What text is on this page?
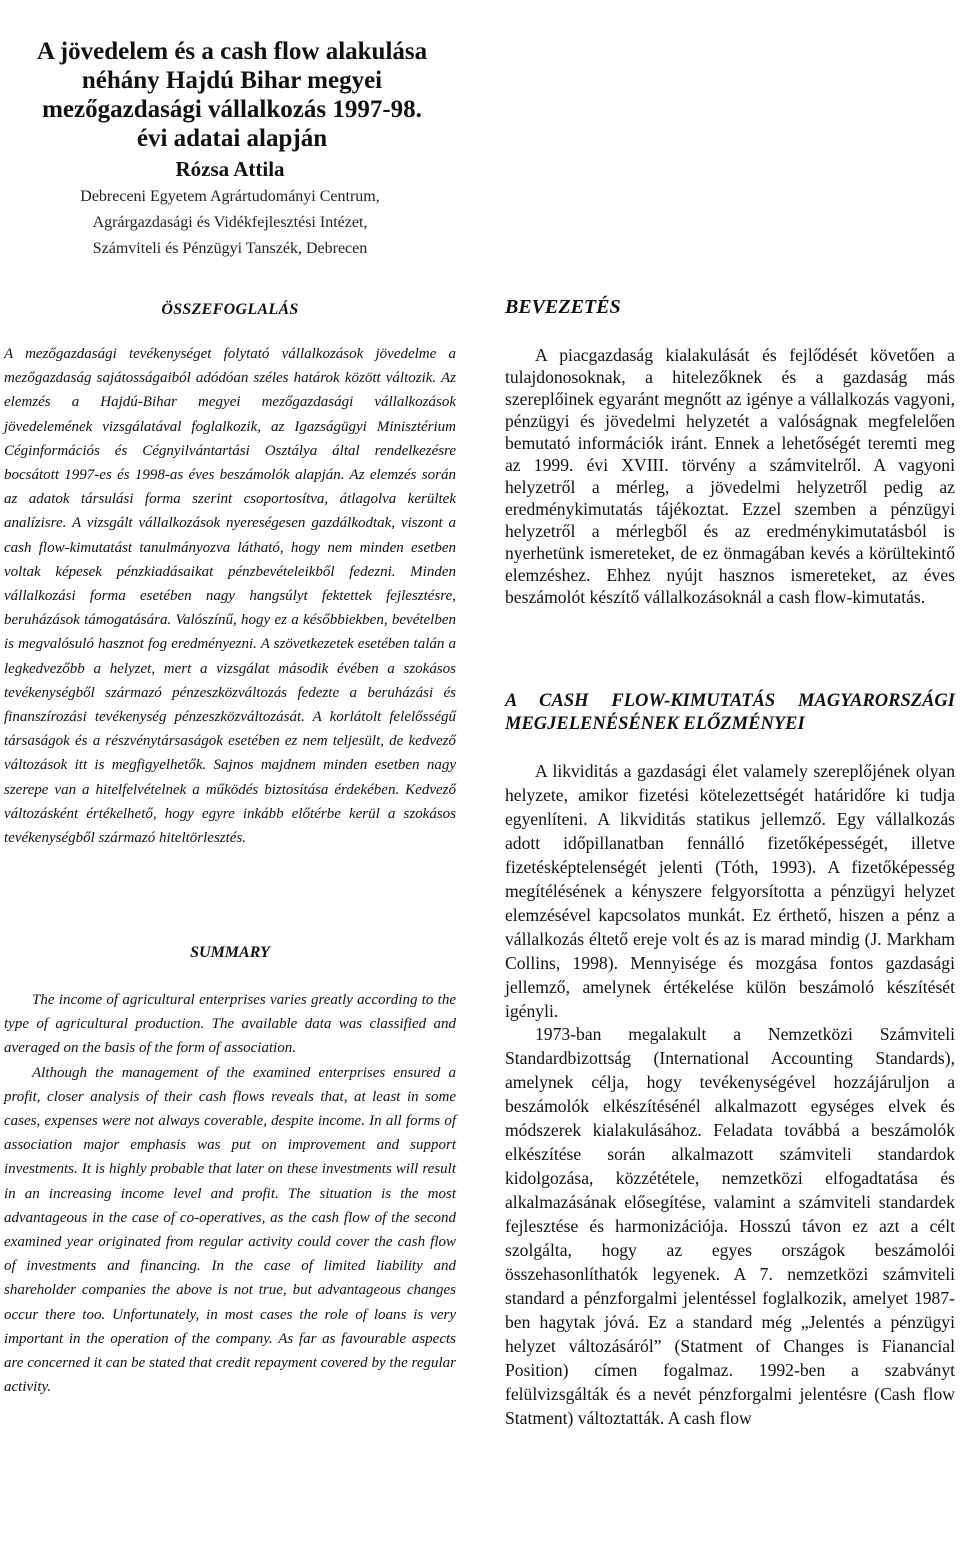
A jövedelem és a cash flow alakulása néhány Hajdú Bihar megyei mezőgazdasági vállalkozás 1997-98. évi adatai alapján
Rózsa Attila
Debreceni Egyetem Agrártudományi Centrum,
Agrárgazdasági és Vidékfejlesztési Intézet,
Számviteli és Pénzügyi Tanszék, Debrecen
ÖSSZEFOGLALÁS

A mezőgazdasági tevékenységet folytató vállalkozások jövedelme a mezőgazdaság sajátosságaiból adódóan széles határok között változik. Az elemzés a Hajdú-Bihar megyei mezőgazdasági vállalkozások jövedelemének vizsgálatával foglalkozik, az Igazságügyi Minisztérium Céginformációs és Cégnyilvántartási Osztálya által rendelkezésre bocsátott 1997-es és 1998-as éves beszámolók alapján. Az elemzés során az adatok társulási forma szerint csoportosítva, átlagolva kerültek analízisre. A vizsgált vállalkozások nyereségesen gazdálkodtak, viszont a cash flow-kimutatást tanulmányozva látható, hogy nem minden esetben voltak képesek pénzkiadásaikat pénzbevételeikből fedezni. Minden vállalkozási forma esetében nagy hangsúlyt fektettek fejlesztésre, beruházások támogatására. Valószínű, hogy ez a későbbiekben, bevételben is megvalósuló hasznot fog eredményezni. A szövetkezetek esetében talán a legkedvezőbb a helyzet, mert a vizsgálat második évében a szokásos tevékenységből származó pénzeszközváltozás fedezte a beruházási és finanszírozási tevékenység pénzeszközváltozását. A korlátolt felelősségű társaságok és a részvénytársaságok esetében ez nem teljesült, de kedvező változások itt is megfigyelhetők. Sajnos majdnem minden esetben nagy szerepe van a hitelfelvételnek a működés biztosítása érdekében. Kedvező változásként értékelhető, hogy egyre inkább előtérbe kerül a szokásos tevékenységből származó hiteltörlesztés.

SUMMARY

The income of agricultural enterprises varies greatly according to the type of agricultural production. The available data was classified and averaged on the basis of the form of association.

Although the management of the examined enterprises ensured a profit, closer analysis of their cash flows reveals that, at least in some cases, expenses were not always coverable, despite income. In all forms of association major emphasis was put on improvement and support investments. It is highly probable that later on these investments will result in an increasing income level and profit. The situation is the most advantageous in the case of co-operatives, as the cash flow of the second examined year originated from regular activity could cover the cash flow of investments and financing. In the case of limited liability and shareholder companies the above is not true, but advantageous changes occur there too. Unfortunately, in most cases the role of loans is very important in the operation of the company. As far as favourable aspects are concerned it can be stated that credit repayment covered by the regular activity.

BEVEZETÉS

A piacgazdaság kialakulását és fejlődését követően a tulajdonosoknak, a hitelezőknek és a gazdaság más szereplőinek egyaránt megnőtt az igénye a vállalkozás vagyoni, pénzügyi és jövedelmi helyzetét a valóságnak megfelelően bemutató információk iránt. Ennek a lehetőségét teremti meg az 1999. évi XVIII. törvény a számvitelről. A vagyoni helyzetről a mérleg, a jövedelmi helyzetről pedig az eredménykimutatás tájékoztat. Ezzel szemben a pénzügyi helyzetről a mérlegből és az eredménykimutatásból is nyerhetünk ismereteket, de ez önmagában kevés a körültekintő elemzéshez. Ehhez nyújt hasznos ismereteket, az éves beszámolót készítő vállalkozásoknál a cash flow-kimutatás.

A CASH FLOW-KIMUTATÁS MAGYARORSZÁGI MEGJELENÉSÉNEK ELŐZMÉNYEI

A likviditás a gazdasági élet valamely szereplőjének olyan helyzete, amikor fizetési kötelezettségét határidőre ki tudja egyenlíteni. A likviditás statikus jellemző. Egy vállalkozás adott időpillanatban fennálló fizetőképességét, illetve fizetésképtelenségét jelenti (Tóth, 1993). A fizetőképesség megítélésének a kényszere felgyorsította a pénzügyi helyzet elemzésével kapcsolatos munkát. Ez érthető, hiszen a pénz a vállalkozás éltető ereje volt és az is marad mindig (J. Markham Collins, 1998). Mennyisége és mozgása fontos gazdasági jellemző, amelynek értékelése külön beszámoló készítését igényli.

1973-ban megalakult a Nemzetközi Számviteli Standardbizottság (International Accounting Standards), amelynek célja, hogy tevékenységével hozzájáruljon a beszámolók elkészítésénél alkalmazott egységes elvek és módszerek kialakulásához. Feladata továbbá a beszámolók elkészítése során alkalmazott számviteli standardok kidolgozása, közzététele, nemzetközi elfogadtatása és alkalmazásának elősegítése, valamint a számviteli standardek fejlesztése és harmonizációja. Hosszú távon ez azt a célt szolgálta, hogy az egyes országok beszámolói összehasonlíthatók legyenek. A 7. nemzetközi számviteli standard a pénzforgalmi jelentéssel foglalkozik, amelyet 1987-ben hagytak jóvá. Ez a standard még „Jelentés a pénzügyi helyzet változásáról” (Statment of Changes is Fianancial Position) címen fogalmaz. 1992-ben a szabványt felülvizsgálták és a nevét pénzforgalmi jelentésre (Cash flow Statment) változtatták. A cash flow
